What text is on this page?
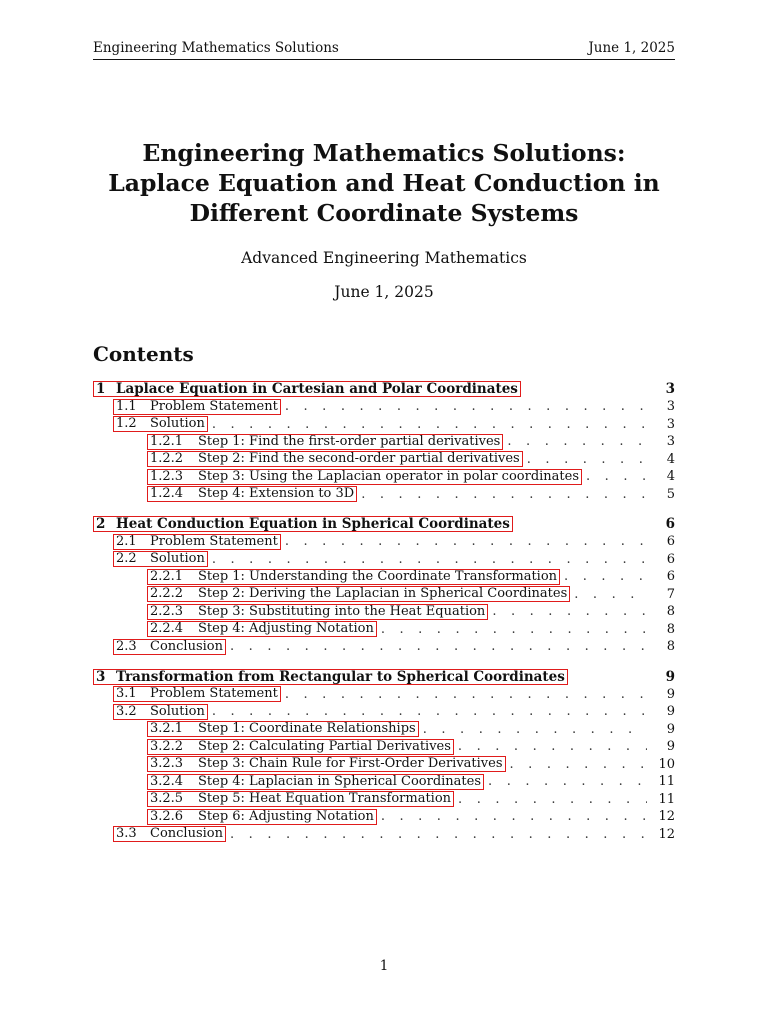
Engineering Mathematics Solutions	June 1, 2025
Engineering Mathematics Solutions:
Laplace Equation and Heat Conduction in
Different Coordinate Systems
Advanced Engineering Mathematics
June 1, 2025
Contents
1 Laplace Equation in Cartesian and Polar Coordinates	3
1.1	Problem Statement . . .	3
1.2	Solution . . .	3
1.2.1	Step 1: Find the first-order partial derivatives . . .	3
1.2.2	Step 2: Find the second-order partial derivatives . . .	4
1.2.3	Step 3: Using the Laplacian operator in polar coordinates . . .	4
1.2.4	Step 4: Extension to 3D . . .	5
2 Heat Conduction Equation in Spherical Coordinates	6
2.1	Problem Statement . . .	6
2.2	Solution . . .	6
2.2.1	Step 1: Understanding the Coordinate Transformation . . .	6
2.2.2	Step 2: Deriving the Laplacian in Spherical Coordinates . . .	7
2.2.3	Step 3: Substituting into the Heat Equation . . .	8
2.2.4	Step 4: Adjusting Notation . . .	8
2.3	Conclusion . . .	8
3 Transformation from Rectangular to Spherical Coordinates	9
3.1	Problem Statement . . .	9
3.2	Solution . . .	9
3.2.1	Step 1: Coordinate Relationships . . .	9
3.2.2	Step 2: Calculating Partial Derivatives . . .	9
3.2.3	Step 3: Chain Rule for First-Order Derivatives . . .	10
3.2.4	Step 4: Laplacian in Spherical Coordinates . . .	11
3.2.5	Step 5: Heat Equation Transformation . . .	11
3.2.6	Step 6: Adjusting Notation . . .	12
3.3	Conclusion . . .	12
1
